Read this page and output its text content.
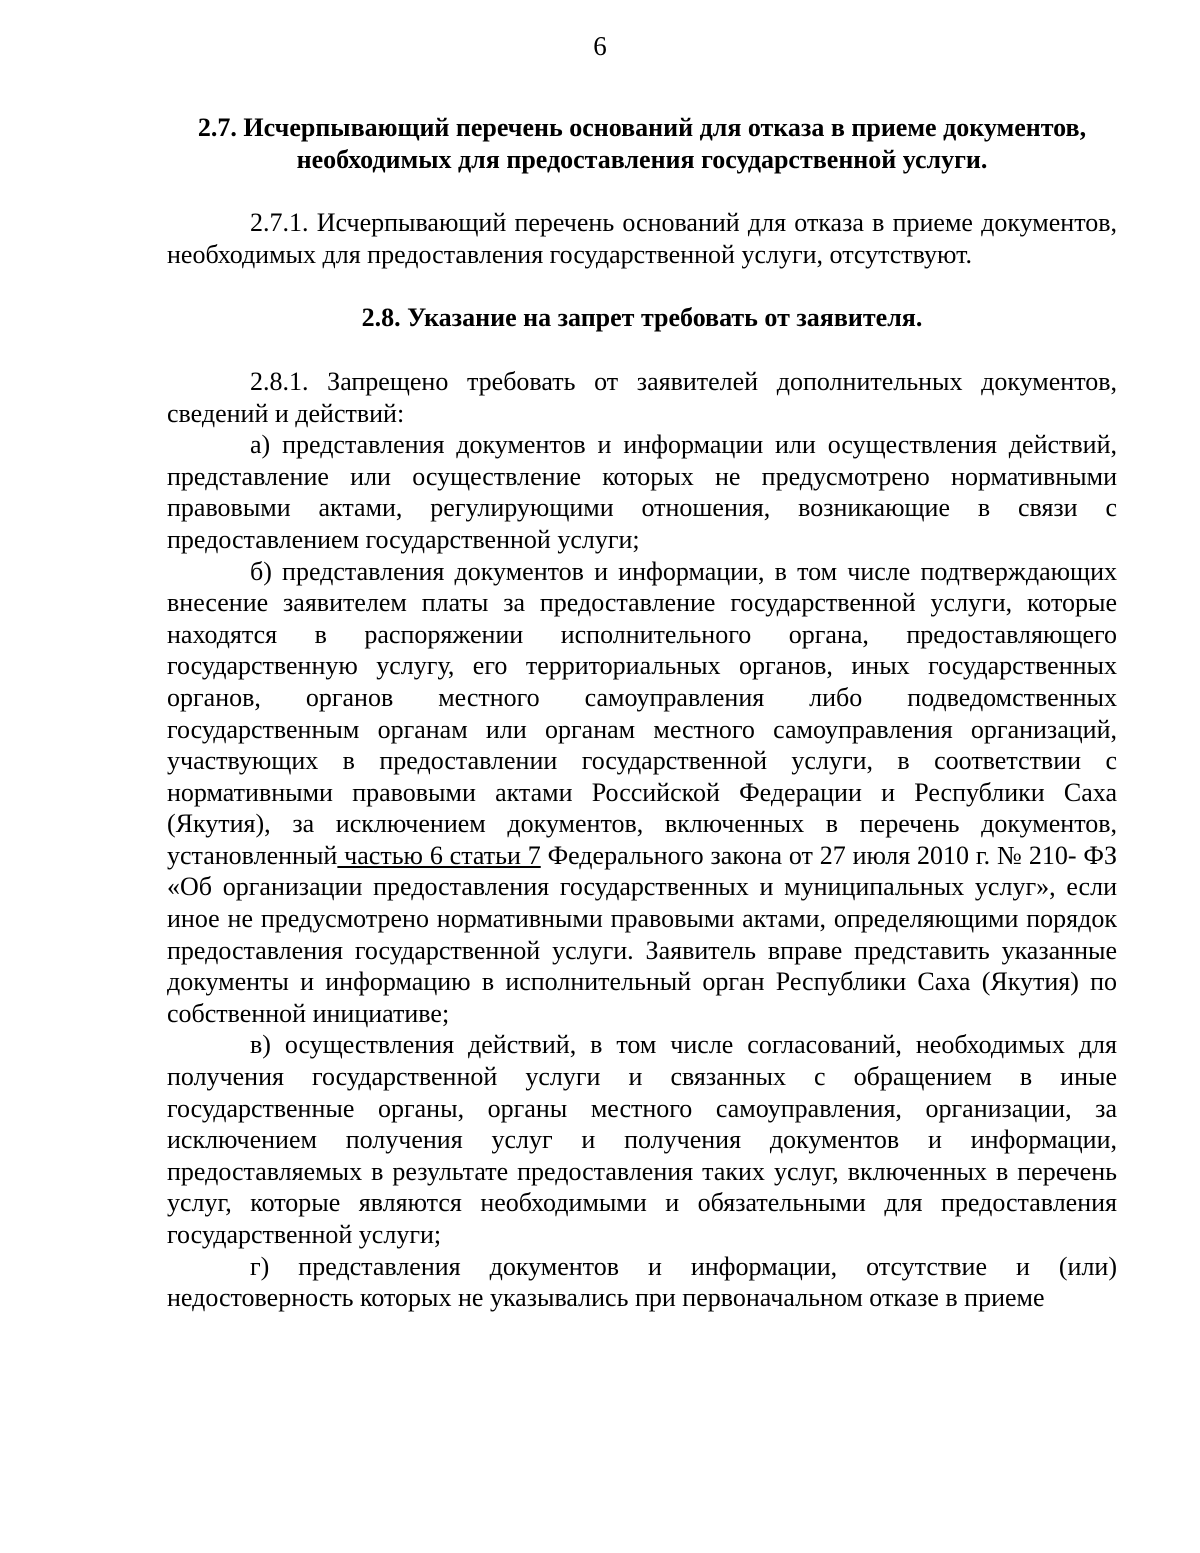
6
2.7. Исчерпывающий перечень оснований для отказа в приеме документов,
необходимых для предоставления государственной услуги.

2.7.1. Исчерпывающий перечень оснований для отказа в приеме документов, необходимых для предоставления государственной услуги, отсутствуют.

2.8. Указание на запрет требовать от заявителя.

2.8.1. Запрещено требовать от заявителей дополнительных документов, сведений и действий:

а) представления документов и информации или осуществления действий, представление или осуществление которых не предусмотрено нормативными правовыми актами, регулирующими отношения, возникающие в связи с предоставлением государственной услуги;

б) представления документов и информации, в том числе подтверждающих внесение заявителем платы за предоставление государственной услуги, которые находятся в распоряжении исполнительного органа, предоставляющего государственную услугу, его территориальных органов, иных государственных органов, органов местного самоуправления либо подведомственных государственным органам или органам местного самоуправления организаций, участвующих в предоставлении государственной услуги, в соответствии с нормативными правовыми актами Российской Федерации и Республики Саха (Якутия), за исключением документов, включенных в перечень документов, установленный частью 6 статьи 7 Федерального закона от 27 июля 2010 г. № 210- ФЗ «Об организации предоставления государственных и муниципальных услуг», если иное не предусмотрено нормативными правовыми актами, определяющими порядок предоставления государственной услуги. Заявитель вправе представить указанные документы и информацию в исполнительный орган Республики Саха (Якутия) по собственной инициативе;

в) осуществления действий, в том числе согласований, необходимых для получения государственной услуги и связанных с обращением в иные государственные органы, органы местного самоуправления, организации, за исключением получения услуг и получения документов и информации, предоставляемых в результате предоставления таких услуг, включенных в перечень услуг, которые являются необходимыми и обязательными для предоставления государственной услуги;

г) представления документов и информации, отсутствие и (или) недостоверность которых не указывались при первоначальном отказе в приеме
